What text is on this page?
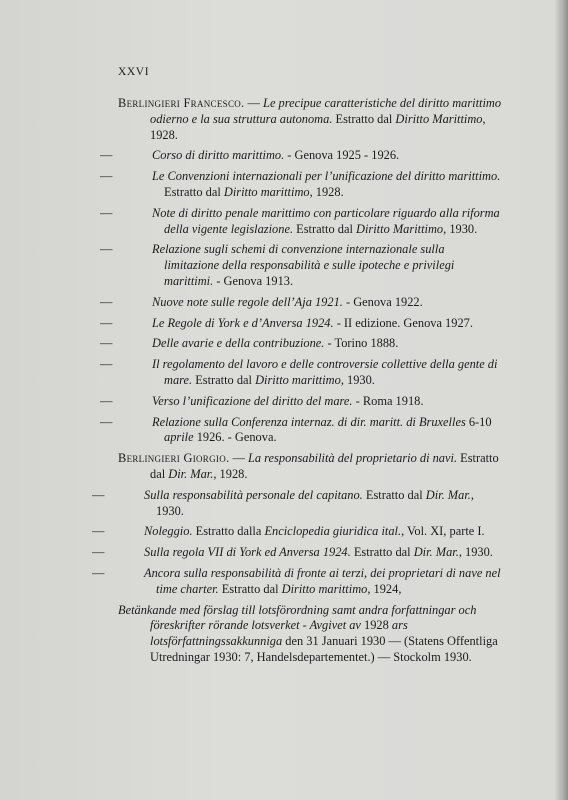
XXVI

Berlingieri Francesco. — Le precipue caratteristiche del diritto marittimo odierno e la sua struttura autonoma. Estratto dal Diritto Marittimo, 1928.

—	Corso di diritto marittimo. - Genova 1925 - 1926.

—	Le Convenzioni internazionali per l’unificazione del diritto marittimo. Estratto dal Diritto marittimo, 1928.

—	Note di diritto penale marittimo con particolare riguardo alla riforma della vigente legislazione. Estratto dal Diritto Marittimo, 1930.

—	Relazione sugli schemi di convenzione internazionale sulla limitazione della responsabilità e sulle ipoteche e privilegi marittimi. - Genova 1913.

—	Nuove note sulle regole dell’Aja 1921. - Genova 1922.

—	Le Regole di York e d’Anversa 1924. - II edizione. Genova 1927.

—	Delle avarie e della contribuzione. - Torino 1888.

—	Il regolamento del lavoro e delle controversie collettive della gente di mare. Estratto dal Diritto marittimo, 1930.

—	Verso l’unificazione del diritto del mare. - Roma 1918.

—	Relazione sulla Conferenza internaz. di dir. maritt. di Bruxelles 6-10 aprile 1926. - Genova.

Berlingieri Giorgio. — La responsabilità del proprietario di navi. Estratto dal Dir. Mar., 1928.

—	Sulla responsabilità personale del capitano. Estratto dal Dir. Mar., 1930.

—	Noleggio. Estratto dalla Enciclopedia giuridica ital., Vol. XI, parte I.

—	Sulla regola VII di York ed Anversa 1924. Estratto dal Dir. Mar., 1930.

—	Ancora sulla responsabilità di fronte ai terzi, dei proprietari di nave nel time charter. Estratto dal Diritto marittimo, 1924,

Betänkande med förslag till lotsförordning samt andra forfattningar och föreskrifter rörande lotsverket - Avgivet av 1928 ars lotsförfattningssakkunniga den 31 Januari 1930 — (Statens Offentliga Utredningar 1930: 7, Handelsdepartementet.) — Stockolm 1930.
